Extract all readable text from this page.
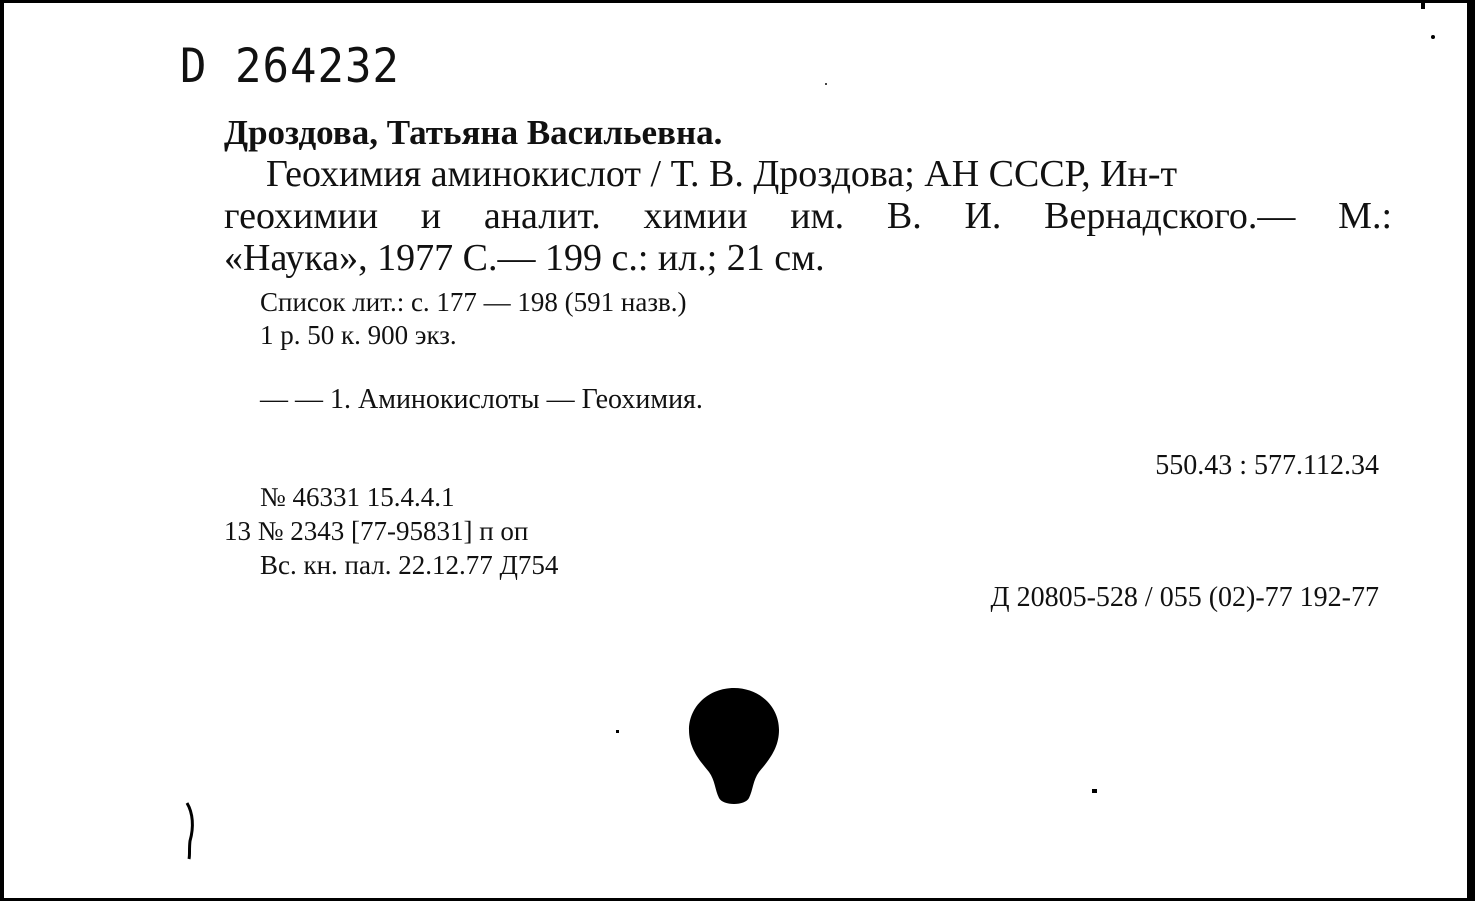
D 264232
Дроздова, Татьяна Васильевна.
Геохимия аминокислот / Т. В. Дроздова; АН СССР, Ин-т
геохимии и аналит. химии им. В. И. Вернадского.— М.:
«Наука», 1977 С.— 199 с.: ил.; 21 см.
Список лит.: с. 177 — 198 (591 назв.)
1 р. 50 к. 900 экз.
— — 1. Аминокислоты — Геохимия.
550.43 : 577.112.34
№ 46331 15.4.4.1
13 № 2343 [77-95831] п оп
Вс. кн. пал. 22.12.77 Д754
Д 20805-528 / 055 (02)-77 192-77
